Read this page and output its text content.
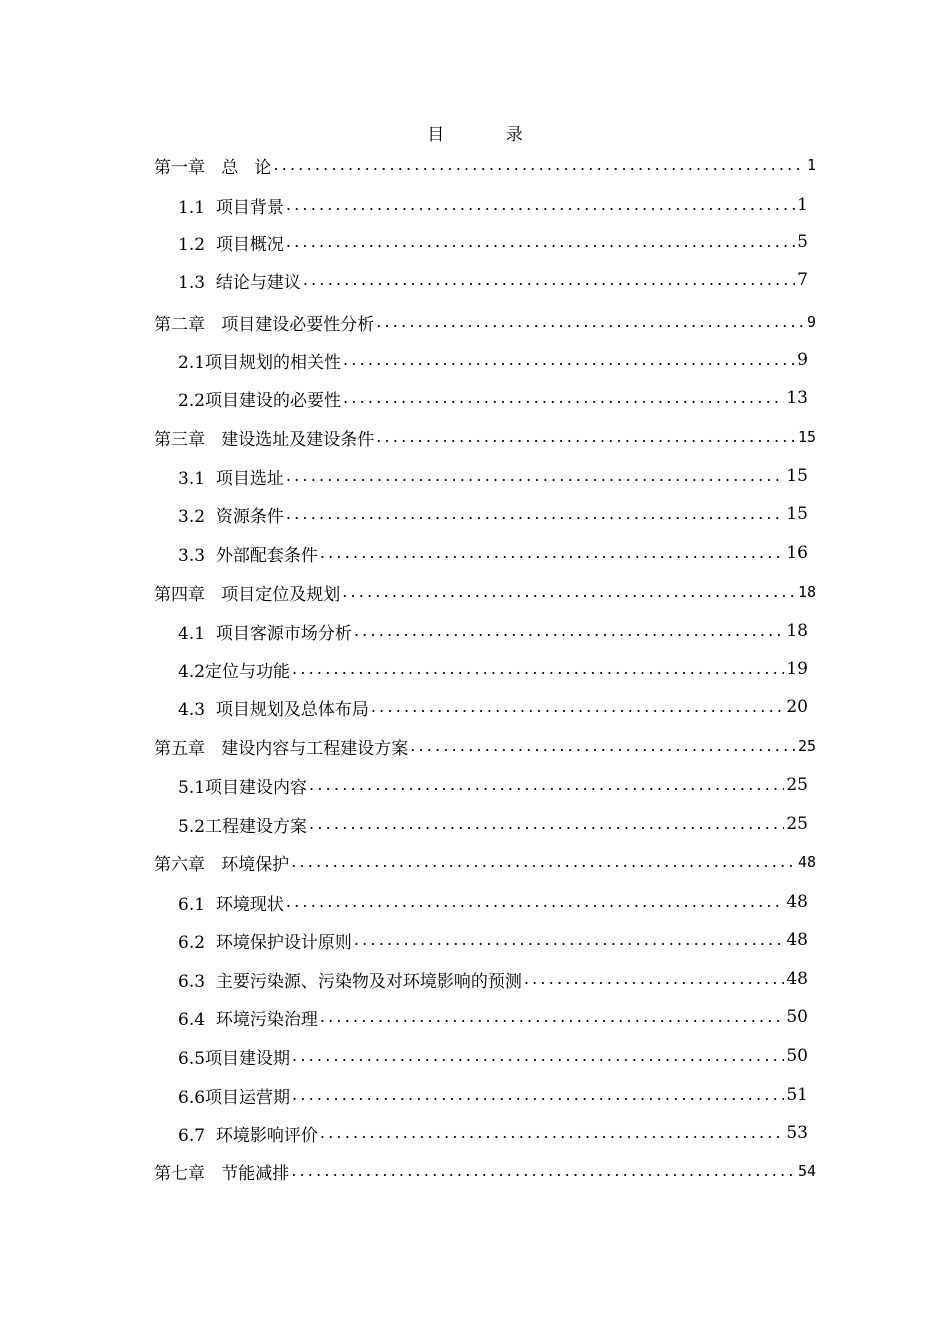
目 录
第一章   总   论 .....	1
1.1  项目背景 .....	1
1.2  项目概况 .....	5
1.3  结论与建议 .....	7
第二章   项目建设必要性分析 .....	9
2.1项目规划的相关性 .....	9
2.2项目建设的必要性 .....	13
第三章   建设选址及建设条件 .....	15
3.1  项目选址 .....	15
3.2  资源条件 .....	15
3.3  外部配套条件 .....	16
第四章   项目定位及规划 .....	18
4.1  项目客源市场分析 .....	18
4.2定位与功能 .....	19
4.3  项目规划及总体布局 .....	20
第五章   建设内容与工程建设方案 .....	25
5.1项目建设内容 .....	25
5.2工程建设方案 .....	25
第六章   环境保护 .....	48
6.1  环境现状 .....	48
6.2  环境保护设计原则 .....	48
6.3  主要污染源、污染物及对环境影响的预测 .....	48
6.4  环境污染治理 .....	50
6.5项目建设期 .....	50
6.6项目运营期 .....	51
6.7  环境影响评价 .....	53
第七章   节能减排 .....	54
